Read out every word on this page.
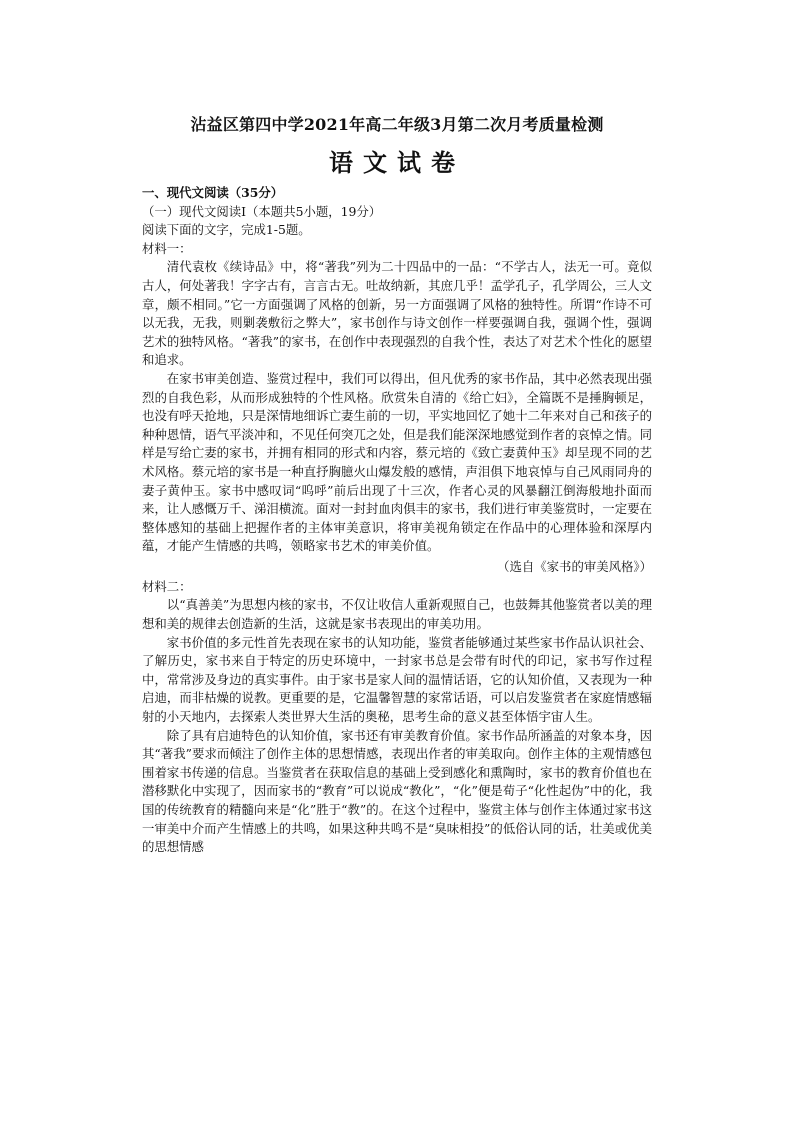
沾益区第四中学2021年高二年级3月第二次月考质量检测
语文试卷
一、现代文阅读（35分）
（一）现代文阅读Ⅰ（本题共5小题，19分）
阅读下面的文字，完成1-5题。
材料一：

清代袁枚《续诗品》中，将“著我”列为二十四品中的一品：“不学古人，法无一可。竟似古人，何处著我！字字古有，言言古无。吐故纳新，其庶几乎！孟学孔子，孔学周公，三人文章，颇不相同。”它一方面强调了风格的创新，另一方面强调了风格的独特性。所谓“作诗不可以无我，无我，则剿袭敷衍之弊大”，家书创作与诗文创作一样要强调自我，强调个性，强调艺术的独特风格。“著我”的家书，在创作中表现强烈的自我个性，表达了对艺术个性化的愿望和追求。

在家书审美创造、鉴赏过程中，我们可以得出，但凡优秀的家书作品，其中必然表现出强烈的自我色彩，从而形成独特的个性风格。欣赏朱自清的《给亡妇》，全篇既不是捶胸顿足，也没有呼天抢地，只是深情地细诉亡妻生前的一切，平实地回忆了她十二年来对自己和孩子的种种恩情，语气平淡冲和，不见任何突兀之处，但是我们能深深地感觉到作者的哀悼之情。同样是写给亡妻的家书，并拥有相同的形式和内容，蔡元培的《致亡妻黄仲玉》却呈现不同的艺术风格。蔡元培的家书是一种直抒胸臆火山爆发般的感情，声泪俱下地哀悼与自己风雨同舟的妻子黄仲玉。家书中感叹词“呜呼”前后出现了十三次，作者心灵的风暴翻江倒海般地扑面而来，让人感慨万千、涕泪横流。面对一封封血肉俱丰的家书，我们进行审美鉴赏时，一定要在整体感知的基础上把握作者的主体审美意识，将审美视角锁定在作品中的心理体验和深厚内蕴，才能产生情感的共鸣，领略家书艺术的审美价值。

（选自《家书的审美风格》）

材料二：

以“真善美”为思想内核的家书，不仅让收信人重新观照自己，也鼓舞其他鉴赏者以美的理想和美的规律去创造新的生活，这就是家书表现出的审美功用。

家书价值的多元性首先表现在家书的认知功能，鉴赏者能够通过某些家书作品认识社会、了解历史，家书来自于特定的历史环境中，一封家书总是会带有时代的印记，家书写作过程中，常常涉及身边的真实事件。由于家书是家人间的温情话语，它的认知价值，又表现为一种启迪，而非枯燥的说教。更重要的是，它温馨智慧的家常话语，可以启发鉴赏者在家庭情感辐射的小天地内，去探索人类世界大生活的奥秘，思考生命的意义甚至体悟宇宙人生。

除了具有启迪特色的认知价值，家书还有审美教育价值。家书作品所涵盖的对象本身，因其“著我”要求而倾注了创作主体的思想情感，表现出作者的审美取向。创作主体的主观情感包围着家书传递的信息。当鉴赏者在获取信息的基础上受到感化和熏陶时，家书的教育价值也在潜移默化中实现了，因而家书的“教育”可以说成“教化”，“化”便是荀子“化性起伪”中的化，我国的传统教育的精髓向来是“化”胜于“教”的。在这个过程中，鉴赏主体与创作主体通过家书这一审美中介而产生情感上的共鸣，如果这种共鸣不是“臭味相投”的低俗认同的话，壮美或优美的思想情感
